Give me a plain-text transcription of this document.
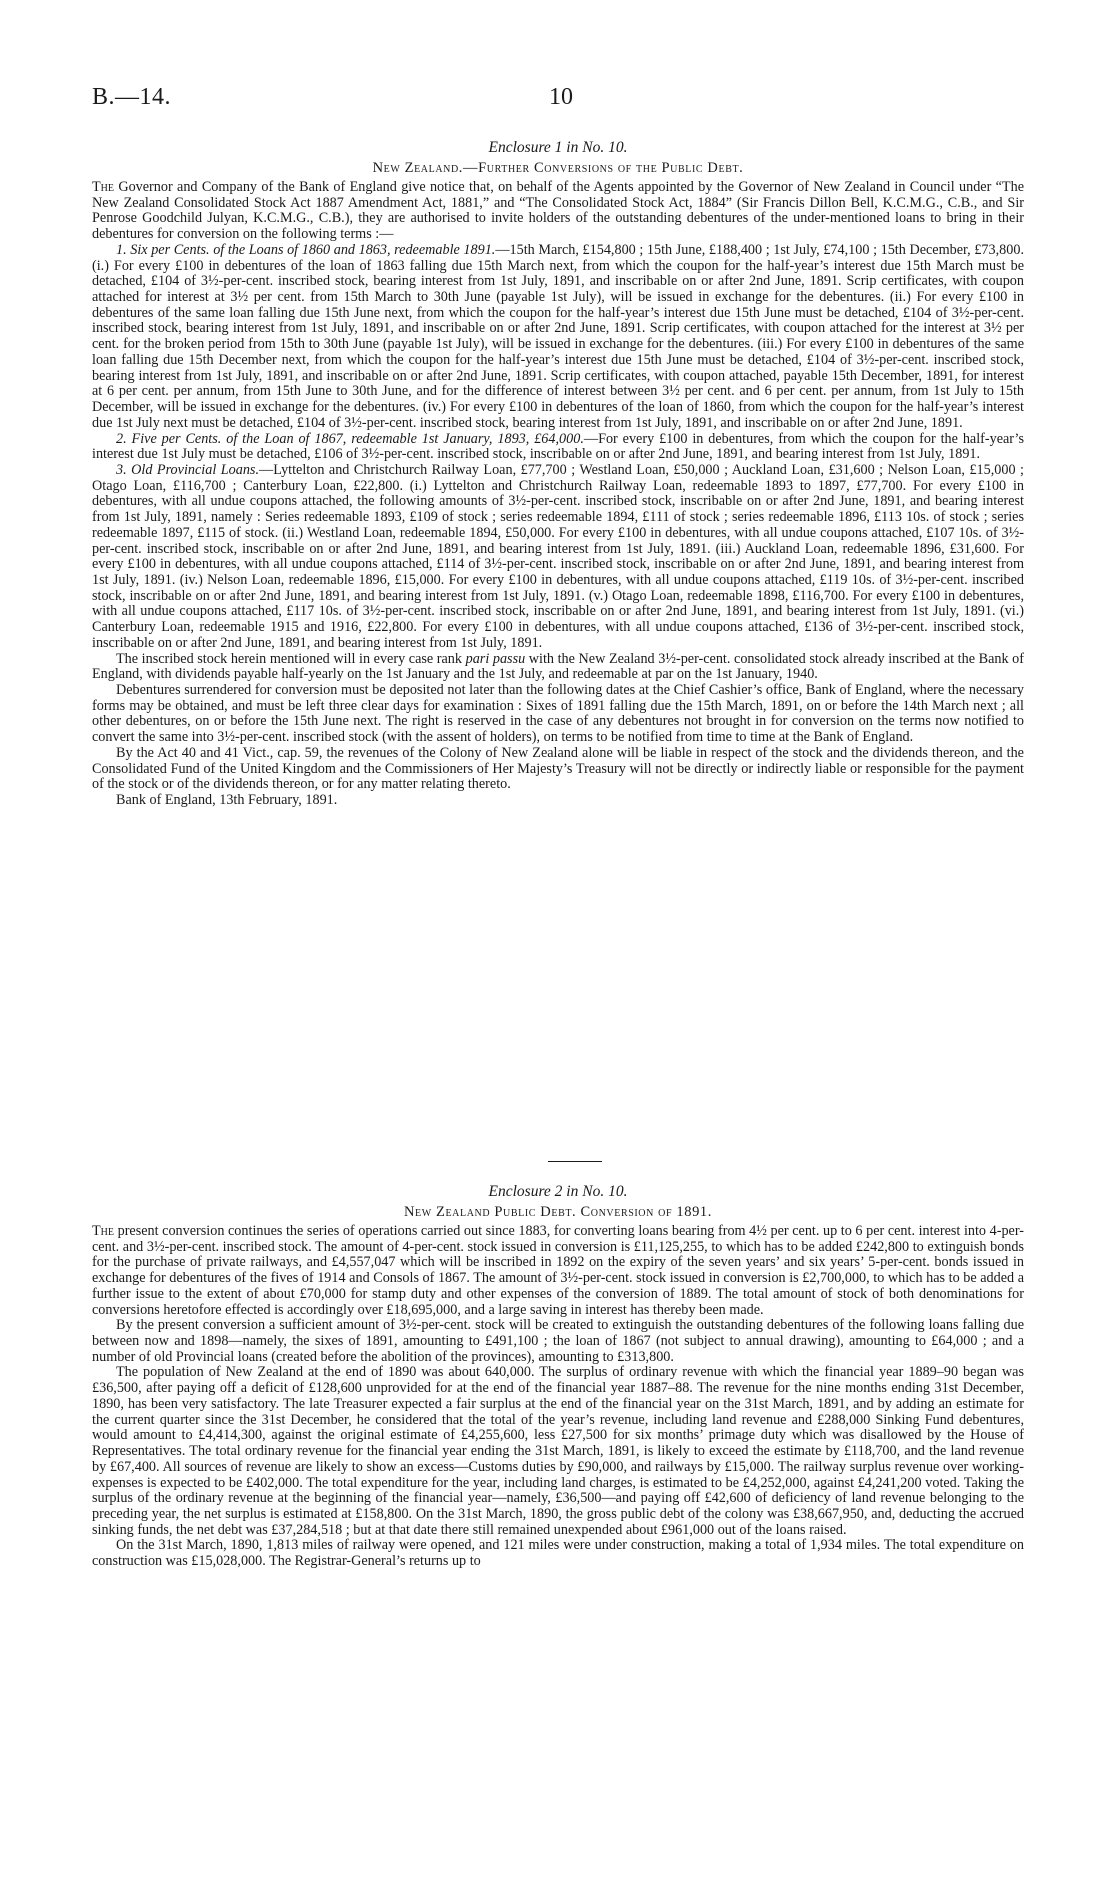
B.—14.	10

Enclosure 1 in No. 10.

New Zealand.—Further Conversions of the Public Debt.

The Governor and Company of the Bank of England give notice that, on behalf of the Agents appointed by the Governor of New Zealand in Council under “The New Zealand Consolidated Stock Act 1887 Amendment Act, 1881,” and “The Consolidated Stock Act, 1884” (Sir Francis Dillon Bell, K.C.M.G., C.B., and Sir Penrose Goodchild Julyan, K.C.M.G., C.B.), they are authorised to invite holders of the outstanding debentures of the under-mentioned loans to bring in their debentures for conversion on the following terms :—

1. Six per Cents. of the Loans of 1860 and 1863, redeemable 1891.—15th March, £154,800 ; 15th June, £188,400 ; 1st July, £74,100 ; 15th December, £73,800. (i.) For every £100 in debentures of the loan of 1863 falling due 15th March next, from which the coupon for the half-year’s interest due 15th March must be detached, £104 of 3½-per-cent. inscribed stock, bearing interest from 1st July, 1891, and inscribable on or after 2nd June, 1891. Scrip certificates, with coupon attached for interest at 3½ per cent. from 15th March to 30th June (payable 1st July), will be issued in exchange for the debentures. (ii.) For every £100 in debentures of the same loan falling due 15th June next, from which the coupon for the half-year’s interest due 15th June must be detached, £104 of 3½-per-cent. inscribed stock, bearing interest from 1st July, 1891, and inscribable on or after 2nd June, 1891. Scrip certificates, with coupon attached for the interest at 3½ per cent. for the broken period from 15th to 30th June (payable 1st July), will be issued in exchange for the debentures. (iii.) For every £100 in debentures of the same loan falling due 15th December next, from which the coupon for the half-year’s interest due 15th June must be detached, £104 of 3½-per-cent. inscribed stock, bearing interest from 1st July, 1891, and inscribable on or after 2nd June, 1891. Scrip certificates, with coupon attached, payable 15th December, 1891, for interest at 6 per cent. per annum, from 15th June to 30th June, and for the difference of interest between 3½ per cent. and 6 per cent. per annum, from 1st July to 15th December, will be issued in exchange for the debentures. (iv.) For every £100 in debentures of the loan of 1860, from which the coupon for the half-year’s interest due 1st July next must be detached, £104 of 3½-per-cent. inscribed stock, bearing interest from 1st July, 1891, and inscribable on or after 2nd June, 1891.

2. Five per Cents. of the Loan of 1867, redeemable 1st January, 1893, £64,000.—For every £100 in debentures, from which the coupon for the half-year’s interest due 1st July must be detached, £106 of 3½-per-cent. inscribed stock, inscribable on or after 2nd June, 1891, and bearing interest from 1st July, 1891.

3. Old Provincial Loans.—Lyttelton and Christchurch Railway Loan, £77,700 ; Westland Loan, £50,000 ; Auckland Loan, £31,600 ; Nelson Loan, £15,000 ; Otago Loan, £116,700 ; Canterbury Loan, £22,800. (i.) Lyttelton and Christchurch Railway Loan, redeemable 1893 to 1897, £77,700. For every £100 in debentures, with all undue coupons attached, the following amounts of 3½-per-cent. inscribed stock, inscribable on or after 2nd June, 1891, and bearing interest from 1st July, 1891, namely : Series redeemable 1893, £109 of stock ; series redeemable 1894, £111 of stock ; series redeemable 1896, £113 10s. of stock ; series redeemable 1897, £115 of stock. (ii.) Westland Loan, redeemable 1894, £50,000. For every £100 in debentures, with all undue coupons attached, £107 10s. of 3½-per-cent. inscribed stock, inscribable on or after 2nd June, 1891, and bearing interest from 1st July, 1891. (iii.) Auckland Loan, redeemable 1896, £31,600. For every £100 in debentures, with all undue coupons attached, £114 of 3½-per-cent. inscribed stock, inscribable on or after 2nd June, 1891, and bearing interest from 1st July, 1891. (iv.) Nelson Loan, redeemable 1896, £15,000. For every £100 in debentures, with all undue coupons attached, £119 10s. of 3½-per-cent. inscribed stock, inscribable on or after 2nd June, 1891, and bearing interest from 1st July, 1891. (v.) Otago Loan, redeemable 1898, £116,700. For every £100 in debentures, with all undue coupons attached, £117 10s. of 3½-per-cent. inscribed stock, inscribable on or after 2nd June, 1891, and bearing interest from 1st July, 1891. (vi.) Canterbury Loan, redeemable 1915 and 1916, £22,800. For every £100 in debentures, with all undue coupons attached, £136 of 3½-per-cent. inscribed stock, inscribable on or after 2nd June, 1891, and bearing interest from 1st July, 1891.

The inscribed stock herein mentioned will in every case rank pari passu with the New Zealand 3½-per-cent. consolidated stock already inscribed at the Bank of England, with dividends payable half-yearly on the 1st January and the 1st July, and redeemable at par on the 1st January, 1940.

Debentures surrendered for conversion must be deposited not later than the following dates at the Chief Cashier’s office, Bank of England, where the necessary forms may be obtained, and must be left three clear days for examination : Sixes of 1891 falling due the 15th March, 1891, on or before the 14th March next ; all other debentures, on or before the 15th June next. The right is reserved in the case of any debentures not brought in for conversion on the terms now notified to convert the same into 3½-per-cent. inscribed stock (with the assent of holders), on terms to be notified from time to time at the Bank of England.

By the Act 40 and 41 Vict., cap. 59, the revenues of the Colony of New Zealand alone will be liable in respect of the stock and the dividends thereon, and the Consolidated Fund of the United Kingdom and the Commissioners of Her Majesty’s Treasury will not be directly or indirectly liable or responsible for the payment of the stock or of the dividends thereon, or for any matter relating thereto.

Bank of England, 13th February, 1891.

Enclosure 2 in No. 10.

New Zealand Public Debt. Conversion of 1891.

The present conversion continues the series of operations carried out since 1883, for converting loans bearing from 4½ per cent. up to 6 per cent. interest into 4-per-cent. and 3½-per-cent. inscribed stock. The amount of 4-per-cent. stock issued in conversion is £11,125,255, to which has to be added £242,800 to extinguish bonds for the purchase of private railways, and £4,557,047 which will be inscribed in 1892 on the expiry of the seven years’ and six years’ 5-per-cent. bonds issued in exchange for debentures of the fives of 1914 and Consols of 1867. The amount of 3½-per-cent. stock issued in conversion is £2,700,000, to which has to be added a further issue to the extent of about £70,000 for stamp duty and other expenses of the conversion of 1889. The total amount of stock of both denominations for conversions heretofore effected is accordingly over £18,695,000, and a large saving in interest has thereby been made.

By the present conversion a sufficient amount of 3½-per-cent. stock will be created to extinguish the outstanding debentures of the following loans falling due between now and 1898—namely, the sixes of 1891, amounting to £491,100 ; the loan of 1867 (not subject to annual drawing), amounting to £64,000 ; and a number of old Provincial loans (created before the abolition of the provinces), amounting to £313,800.

The population of New Zealand at the end of 1890 was about 640,000. The surplus of ordinary revenue with which the financial year 1889–90 began was £36,500, after paying off a deficit of £128,600 unprovided for at the end of the financial year 1887–88. The revenue for the nine months ending 31st December, 1890, has been very satisfactory. The late Treasurer expected a fair surplus at the end of the financial year on the 31st March, 1891, and by adding an estimate for the current quarter since the 31st December, he considered that the total of the year’s revenue, including land revenue and £288,000 Sinking Fund debentures, would amount to £4,414,300, against the original estimate of £4,255,600, less £27,500 for six months’ primage duty which was disallowed by the House of Representatives. The total ordinary revenue for the financial year ending the 31st March, 1891, is likely to exceed the estimate by £118,700, and the land revenue by £67,400. All sources of revenue are likely to show an excess—Customs duties by £90,000, and railways by £15,000. The railway surplus revenue over working-expenses is expected to be £402,000. The total expenditure for the year, including land charges, is estimated to be £4,252,000, against £4,241,200 voted. Taking the surplus of the ordinary revenue at the beginning of the financial year—namely, £36,500—and paying off £42,600 of deficiency of land revenue belonging to the preceding year, the net surplus is estimated at £158,800. On the 31st March, 1890, the gross public debt of the colony was £38,667,950, and, deducting the accrued sinking funds, the net debt was £37,284,518 ; but at that date there still remained unexpended about £961,000 out of the loans raised.

On the 31st March, 1890, 1,813 miles of railway were opened, and 121 miles were under construction, making a total of 1,934 miles. The total expenditure on construction was £15,028,000. The Registrar-General’s returns up to
